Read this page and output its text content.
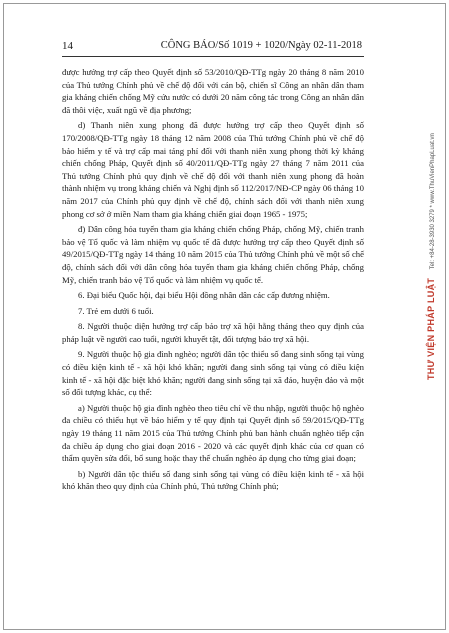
14	CÔNG BÁO/Số 1019 + 1020/Ngày 02-11-2018

được hưởng trợ cấp theo Quyết định số 53/2010/QĐ-TTg ngày 20 tháng 8 năm 2010 của Thủ tướng Chính phủ về chế độ đối với cán bộ, chiến sĩ Công an nhân dân tham gia kháng chiến chống Mỹ cứu nước có dưới 20 năm công tác trong Công an nhân dân đã thôi việc, xuất ngũ về địa phương;

d) Thanh niên xung phong đã được hưởng trợ cấp theo Quyết định số 170/2008/QĐ-TTg ngày 18 tháng 12 năm 2008 của Thủ tướng Chính phủ về chế độ bảo hiểm y tế và trợ cấp mai táng phí đối với thanh niên xung phong thời kỳ kháng chiến chống Pháp, Quyết định số 40/2011/QĐ-TTg ngày 27 tháng 7 năm 2011 của Thủ tướng Chính phủ quy định về chế độ đối với thanh niên xung phong đã hoàn thành nhiệm vụ trong kháng chiến và Nghị định số 112/2017/NĐ-CP ngày 06 tháng 10 năm 2017 của Chính phủ quy định về chế độ, chính sách đối với thanh niên xung phong cơ sở ở miền Nam tham gia kháng chiến giai đoạn 1965 - 1975;

đ) Dân công hỏa tuyến tham gia kháng chiến chống Pháp, chống Mỹ, chiến tranh bảo vệ Tổ quốc và làm nhiệm vụ quốc tế đã được hưởng trợ cấp theo Quyết định số 49/2015/QĐ-TTg ngày 14 tháng 10 năm 2015 của Thủ tướng Chính phủ về một số chế độ, chính sách đối với dân công hỏa tuyến tham gia kháng chiến chống Pháp, chống Mỹ, chiến tranh bảo vệ Tổ quốc và làm nhiệm vụ quốc tế.

6. Đại biểu Quốc hội, đại biểu Hội đồng nhân dân các cấp đương nhiệm.

7. Trẻ em dưới 6 tuổi.

8. Người thuộc diện hưởng trợ cấp bảo trợ xã hội hằng tháng theo quy định của pháp luật về người cao tuổi, người khuyết tật, đối tượng bảo trợ xã hội.

9. Người thuộc hộ gia đình nghèo; người dân tộc thiểu số đang sinh sống tại vùng có điều kiện kinh tế - xã hội khó khăn; người đang sinh sống tại vùng có điều kiện kinh tế - xã hội đặc biệt khó khăn; người đang sinh sống tại xã đảo, huyện đảo và một số đối tượng khác, cụ thể:

a) Người thuộc hộ gia đình nghèo theo tiêu chí về thu nhập, người thuộc hộ nghèo đa chiều có thiếu hụt về bảo hiểm y tế quy định tại Quyết định số 59/2015/QĐ-TTg ngày 19 tháng 11 năm 2015 của Thủ tướng Chính phủ ban hành chuẩn nghèo tiếp cận đa chiều áp dụng cho giai đoạn 2016 - 2020 và các quyết định khác của cơ quan có thẩm quyền sửa đổi, bổ sung hoặc thay thế chuẩn nghèo áp dụng cho từng giai đoạn;

b) Người dân tộc thiểu số đang sinh sống tại vùng có điều kiện kinh tế - xã hội khó khăn theo quy định của Chính phủ, Thủ tướng Chính phủ;

THƯ VIỆN PHÁP LUẬT Tel: +84-28-3930 3279 * www.ThuVienPhapLuat.vn
